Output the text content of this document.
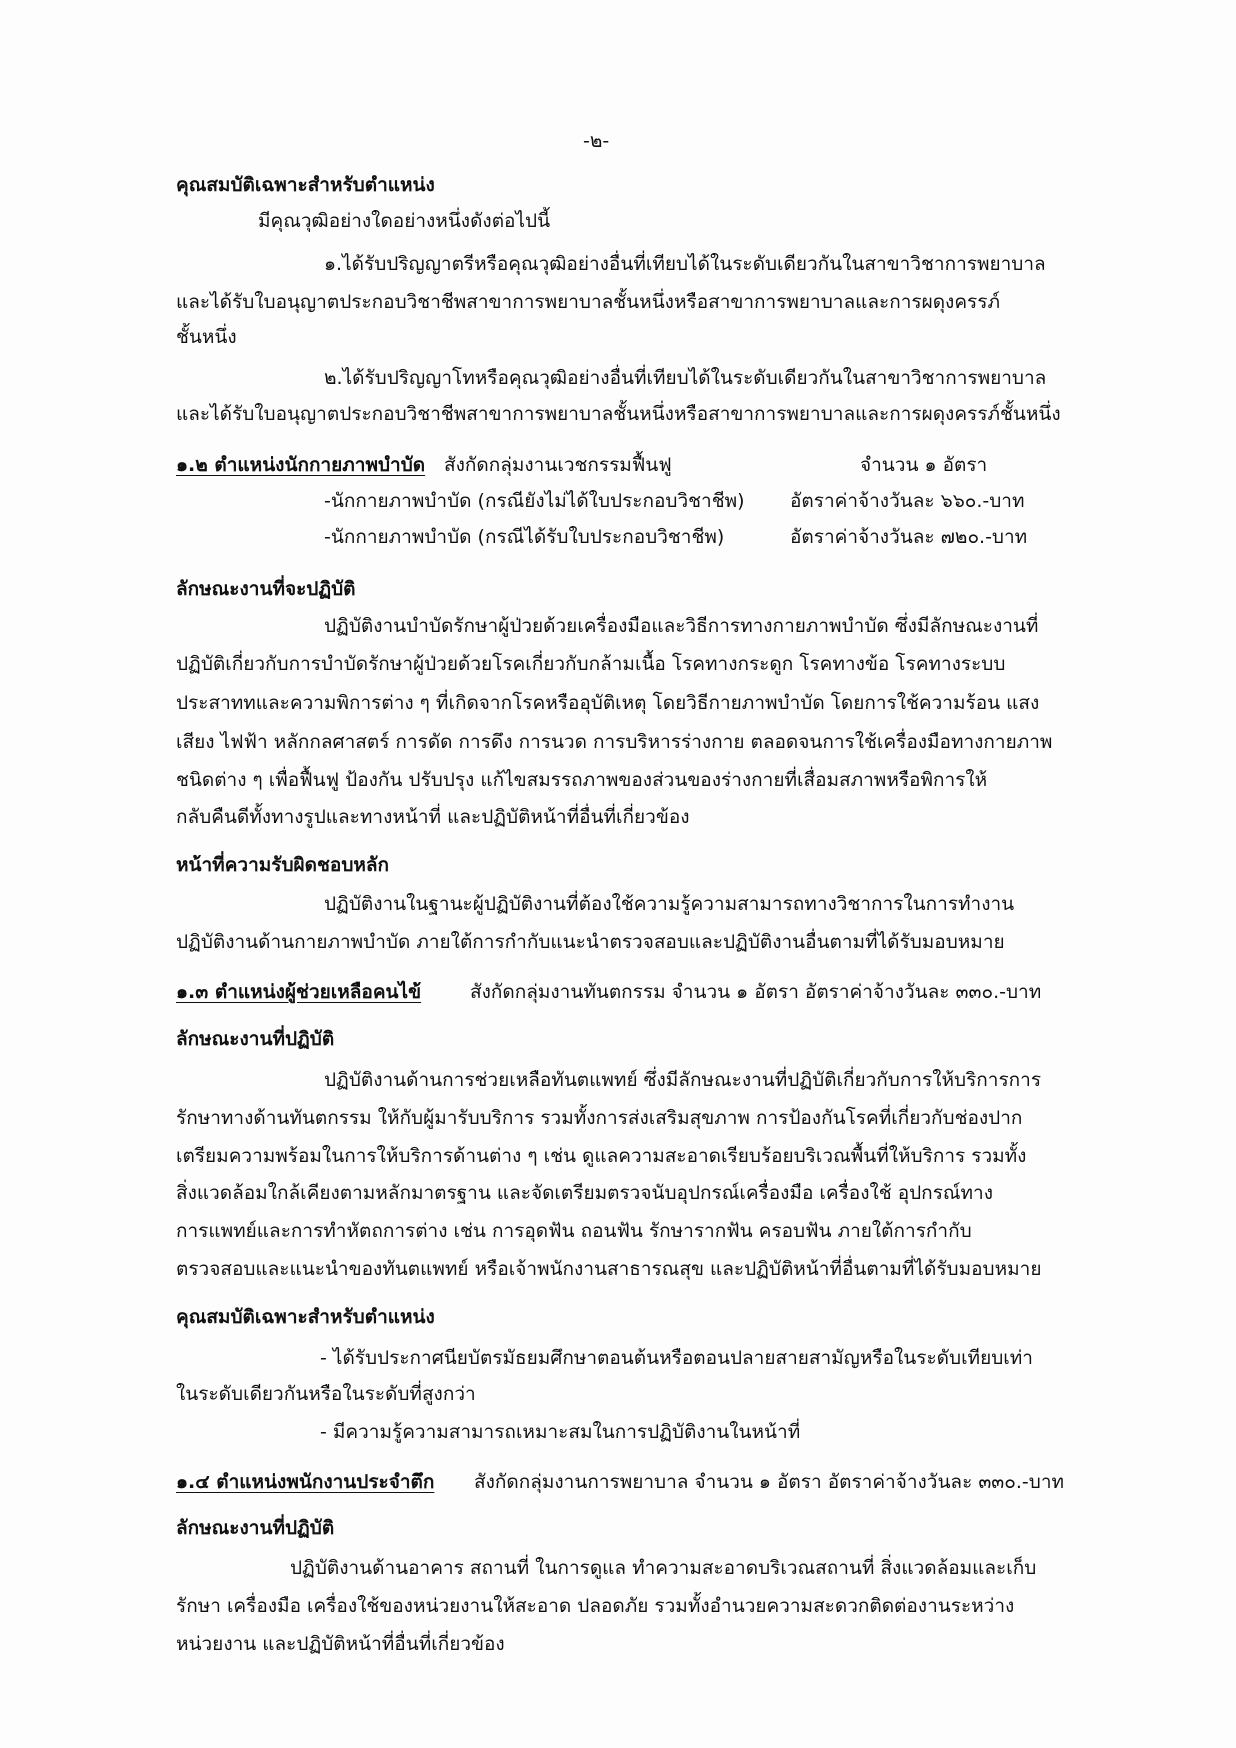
-๒-
คุณสมบัติเฉพาะสำหรับตำแหน่ง
มีคุณวุฒิอย่างใดอย่างหนึ่งดังต่อไปนี้
๑.ได้รับปริญญาตรีหรือคุณวุฒิอย่างอื่นที่เทียบได้ในระดับเดียวกันในสาขาวิชาการพยาบาล
และได้รับใบอนุญาตประกอบวิชาชีพสาขาการพยาบาลชั้นหนึ่งหรือสาขาการพยาบาลและการผดุงครรภ์
ชั้นหนึ่ง
๒.ได้รับปริญญาโทหรือคุณวุฒิอย่างอื่นที่เทียบได้ในระดับเดียวกันในสาขาวิชาการพยาบาล
และได้รับใบอนุญาตประกอบวิชาชีพสาขาการพยาบาลชั้นหนึ่งหรือสาขาการพยาบาลและการผดุงครรภ์ชั้นหนึ่ง
๑.๒ ตำแหน่งนักกายภาพบำบัด สังกัดกลุ่มงานเวชกรรมฟื้นฟู	จำนวน ๑ อัตรา
-นักกายภาพบำบัด (กรณียังไม่ได้ใบประกอบวิชาชีพ) อัตราค่าจ้างวันละ ๖๖๐.-บาท
-นักกายภาพบำบัด (กรณีได้รับใบประกอบวิชาชีพ)	อัตราค่าจ้างวันละ ๗๒๐.-บาท
ลักษณะงานที่จะปฏิบัติ
ปฏิบัติงานบำบัดรักษาผู้ป่วยด้วยเครื่องมือและวิธีการทางกายภาพบำบัด ซึ่งมีลักษณะงานที่
ปฏิบัติเกี่ยวกับการบำบัดรักษาผู้ป่วยด้วยโรคเกี่ยวกับกล้ามเนื้อ โรคทางกระดูก โรคทางข้อ โรคทางระบบ
ประสาททและความพิการต่าง ๆ ที่เกิดจากโรคหรืออุบัติเหตุ โดยวิธีกายภาพบำบัด โดยการใช้ความร้อน แสง
เสียง ไฟฟ้า หลักกลศาสตร์ การดัด การดึง การนวด การบริหารร่างกาย ตลอดจนการใช้เครื่องมือทางกายภาพ
ชนิดต่าง ๆ เพื่อฟื้นฟู ป้องกัน ปรับปรุง แก้ไขสมรรถภาพของส่วนของร่างกายที่เสื่อมสภาพหรือพิการให้
กลับคืนดีทั้งทางรูปและทางหน้าที่ และปฏิบัติหน้าที่อื่นที่เกี่ยวข้อง
หน้าที่ความรับผิดชอบหลัก
ปฏิบัติงานในฐานะผู้ปฏิบัติงานที่ต้องใช้ความรู้ความสามารถทางวิชาการในการทำงาน
ปฏิบัติงานด้านกายภาพบำบัด ภายใต้การกำกับแนะนำตรวจสอบและปฏิบัติงานอื่นตามที่ได้รับมอบหมาย
๑.๓ ตำแหน่งผู้ช่วยเหลือคนไข้	สังกัดกลุ่มงานทันตกรรม จำนวน ๑ อัตรา อัตราค่าจ้างวันละ ๓๓๐.-บาท
ลักษณะงานที่ปฏิบัติ
ปฏิบัติงานด้านการช่วยเหลือทันตแพทย์ ซึ่งมีลักษณะงานที่ปฏิบัติเกี่ยวกับการให้บริการการ
รักษาทางด้านทันตกรรม ให้กับผู้มารับบริการ รวมทั้งการส่งเสริมสุขภาพ การป้องกันโรคที่เกี่ยวกับช่องปาก
เตรียมความพร้อมในการให้บริการด้านต่าง ๆ เช่น ดูแลความสะอาดเรียบร้อยบริเวณพื้นที่ให้บริการ รวมทั้ง
สิ่งแวดล้อมใกล้เคียงตามหลักมาตรฐาน และจัดเตรียมตรวจนับอุปกรณ์เครื่องมือ เครื่องใช้ อุปกรณ์ทาง
การแพทย์และการทำหัตถการต่าง เช่น การอุดฟัน ถอนฟัน รักษารากฟัน ครอบฟัน ภายใต้การกำกับ
ตรวจสอบและแนะนำของทันตแพทย์ หรือเจ้าพนักงานสาธารณสุข และปฏิบัติหน้าที่อื่นตามที่ได้รับมอบหมาย
คุณสมบัติเฉพาะสำหรับตำแหน่ง
- ได้รับประกาศนียบัตรมัธยมศึกษาตอนต้นหรือตอนปลายสายสามัญหรือในระดับเทียบเท่า
ในระดับเดียวกันหรือในระดับที่สูงกว่า
- มีความรู้ความสามารถเหมาะสมในการปฏิบัติงานในหน้าที่
๑.๔ ตำแหน่งพนักงานประจำตึก สังกัดกลุ่มงานการพยาบาล จำนวน ๑ อัตรา อัตราค่าจ้างวันละ ๓๓๐.-บาท
ลักษณะงานที่ปฏิบัติ
ปฏิบัติงานด้านอาคาร สถานที่ ในการดูแล ทำความสะอาดบริเวณสถานที่ สิ่งแวดล้อมและเก็บ
รักษา เครื่องมือ เครื่องใช้ของหน่วยงานให้สะอาด ปลอดภัย รวมทั้งอำนวยความสะดวกติดต่องานระหว่าง
หน่วยงาน และปฏิบัติหน้าที่อื่นที่เกี่ยวข้อง
